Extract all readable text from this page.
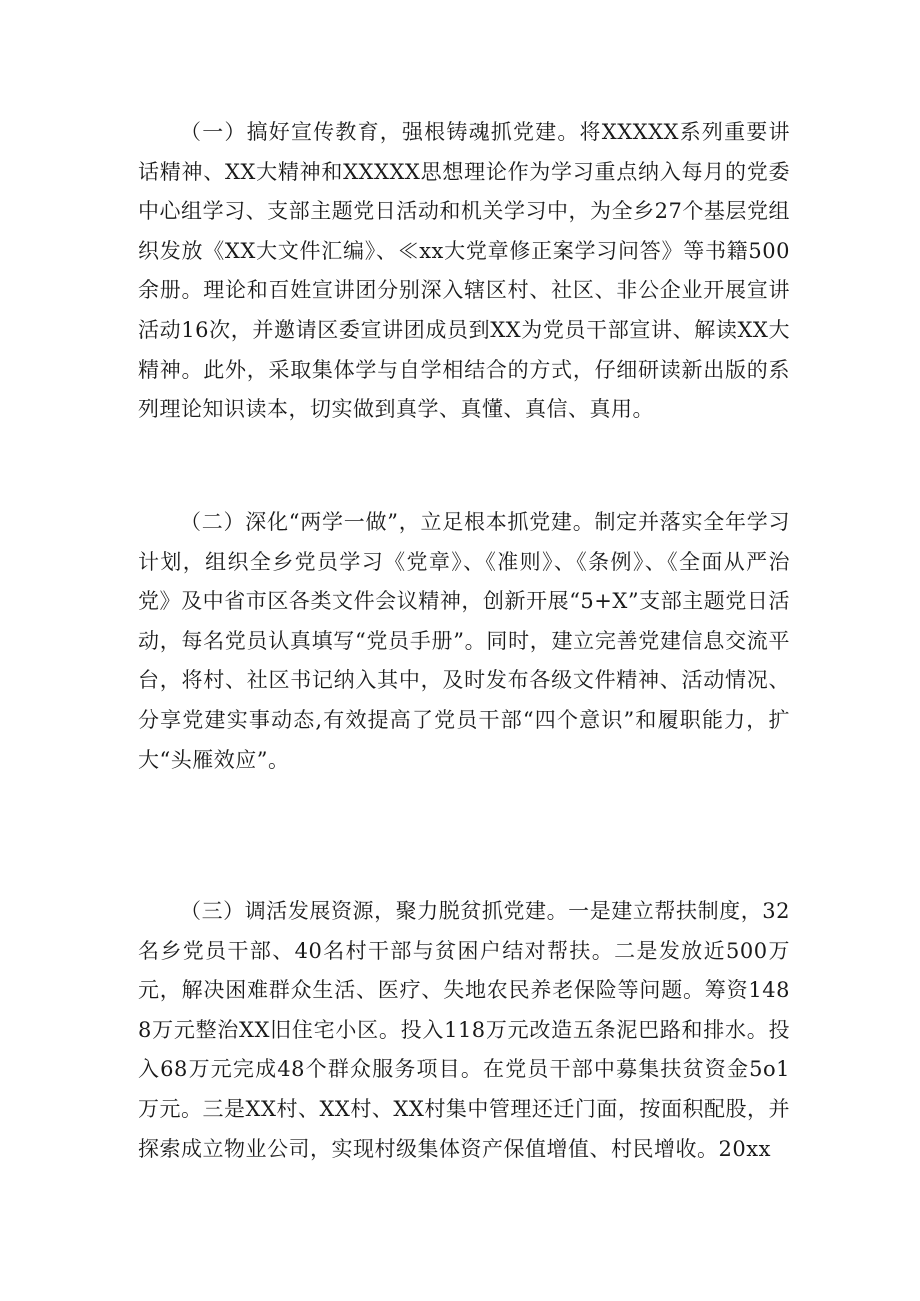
（一）搞好宣传教育，强根铸魂抓党建。将XXXXX系列重要讲话精神、XX大精神和XXXXX思想理论作为学习重点纳入每月的党委中心组学习、支部主题党日活动和机关学习中，为全乡27个基层党组织发放《XX大文件汇编》、≪xx大党章修正案学习问答》等书籍500余册。理论和百姓宣讲团分别深入辖区村、社区、非公企业开展宣讲活动16次，并邀请区委宣讲团成员到XX为党员干部宣讲、解读XX大精神。此外，采取集体学与自学相结合的方式，仔细研读新出版的系列理论知识读本，切实做到真学、真懂、真信、真用。

（二）深化“两学一做”，立足根本抓党建。制定并落实全年学习计划，组织全乡党员学习《党章》、《准则》、《条例》、《全面从严治党》及中省市区各类文件会议精神，创新开展“5+X”支部主题党日活动，每名党员认真填写“党员手册”。同时，建立完善党建信息交流平台，将村、社区书记纳入其中，及时发布各级文件精神、活动情况、分享党建实事动态,有效提高了党员干部“四个意识”和履职能力，扩大“头雁效应”。

（三）调活发展资源，聚力脱贫抓党建。一是建立帮扶制度，32名乡党员干部、40名村干部与贫困户结对帮扶。二是发放近500万元，解决困难群众生活、医疗、失地农民养老保险等问题。筹资1488万元整治XX旧住宅小区。投入118万元改造五条泥巴路和排水。投入68万元完成48个群众服务项目。在党员干部中募集扶贫资金5o1万元。三是XX村、XX村、XX村集中管理还迁门面，按面积配股，并探索成立物业公司，实现村级集体资产保值增值、村民增收。20xx
